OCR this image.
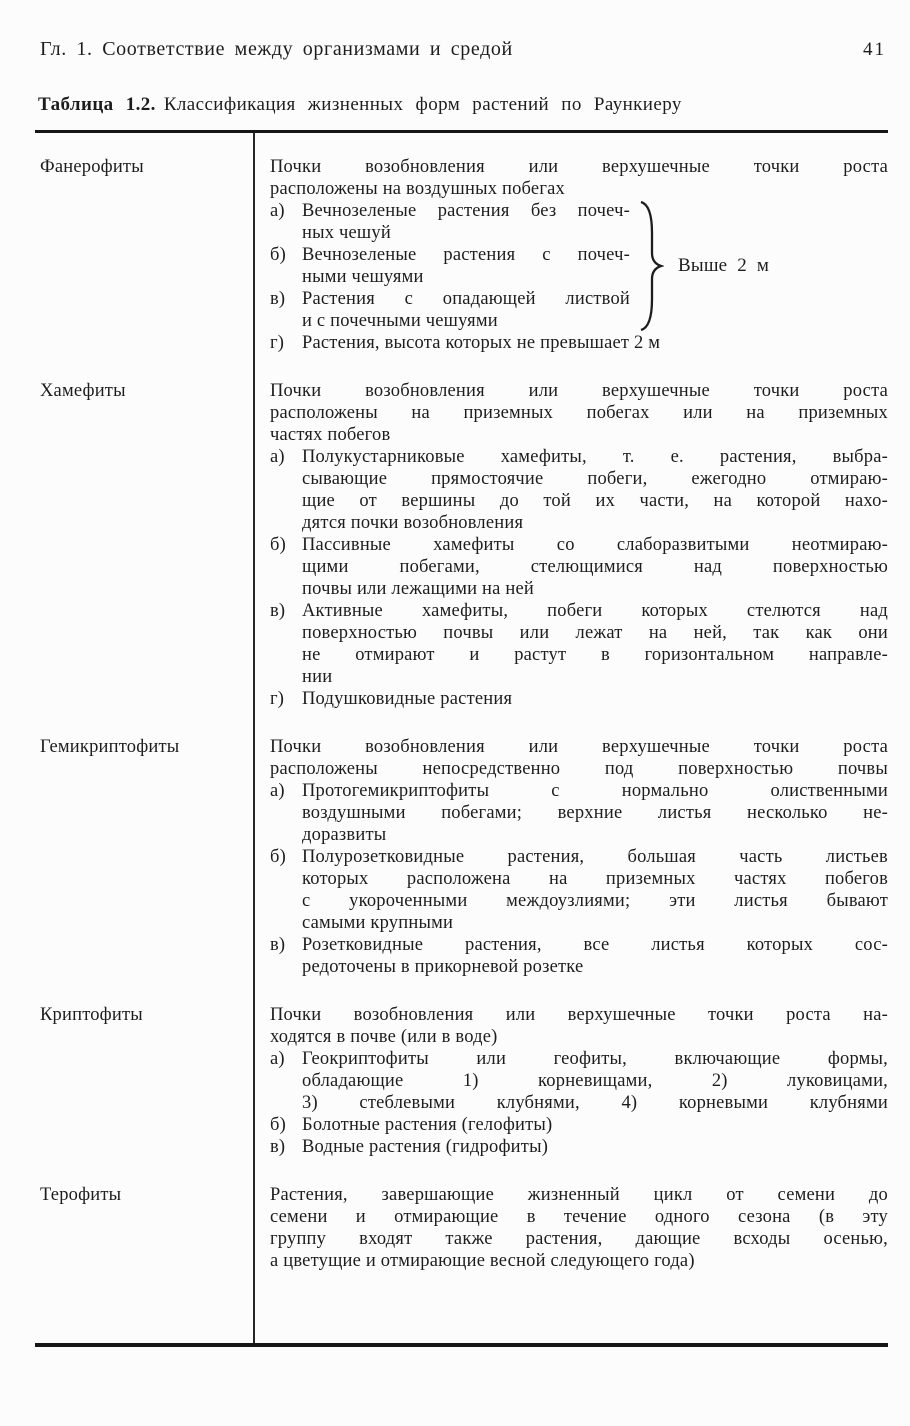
Гл. 1. Соответствие между организмами и средой	41
Таблица 1.2. Классификация жизненных форм растений по Раункиеру
Фанерофиты	Почки возобновления или верхушечные точки роста
расположены на воздушных побегах
а) Вечнозеленые растения без почеч-
ных чешуй
б) Вечнозеленые растения с почеч-
ными чешуями
в) Растения с опадающей листвой
и с почечными чешуями
Выше 2 м
г) Растения, высота которых не превышает 2 м
Хамефиты	Почки возобновления или верхушечные точки роста
расположены на приземных побегах или на приземных
частях побегов
а) Полукустарниковые хамефиты, т. е. растения, выбра-
сывающие прямостоячие побеги, ежегодно отмираю-
щие от вершины до той их части, на которой нахо-
дятся почки возобновления
б) Пассивные хамефиты со слаборазвитыми неотмираю-
щими побегами, стелющимися над поверхностью
почвы или лежащими на ней
в) Активные хамефиты, побеги которых стелются над
поверхностью почвы или лежат на ней, так как они
не отмирают и растут в горизонтальном направле-
нии
г) Подушковидные растения
Гемикриптофиты	Почки возобновления или верхушечные точки роста
расположены непосредственно под поверхностью почвы
а) Протогемикриптофиты с нормально олиственными
воздушными побегами; верхние листья несколько не-
доразвиты
б) Полурозетковидные растения, большая часть листьев
которых расположена на приземных частях побегов
с укороченными междоузлиями; эти листья бывают
самыми крупными
в) Розетковидные растения, все листья которых сос-
редоточены в прикорневой розетке
Криптофиты	Почки возобновления или верхушечные точки роста на-
ходятся в почве (или в воде)
а) Геокриптофиты или геофиты, включающие формы,
обладающие 1) корневищами, 2) луковицами,
3) стеблевыми клубнями, 4) корневыми клубнями
б) Болотные растения (гелофиты)
в) Водные растения (гидрофиты)
Терофиты	Растения, завершающие жизненный цикл от семени до
семени и отмирающие в течение одного сезона (в эту
группу входят также растения, дающие всходы осенью,
а цветущие и отмирающие весной следующего года)
